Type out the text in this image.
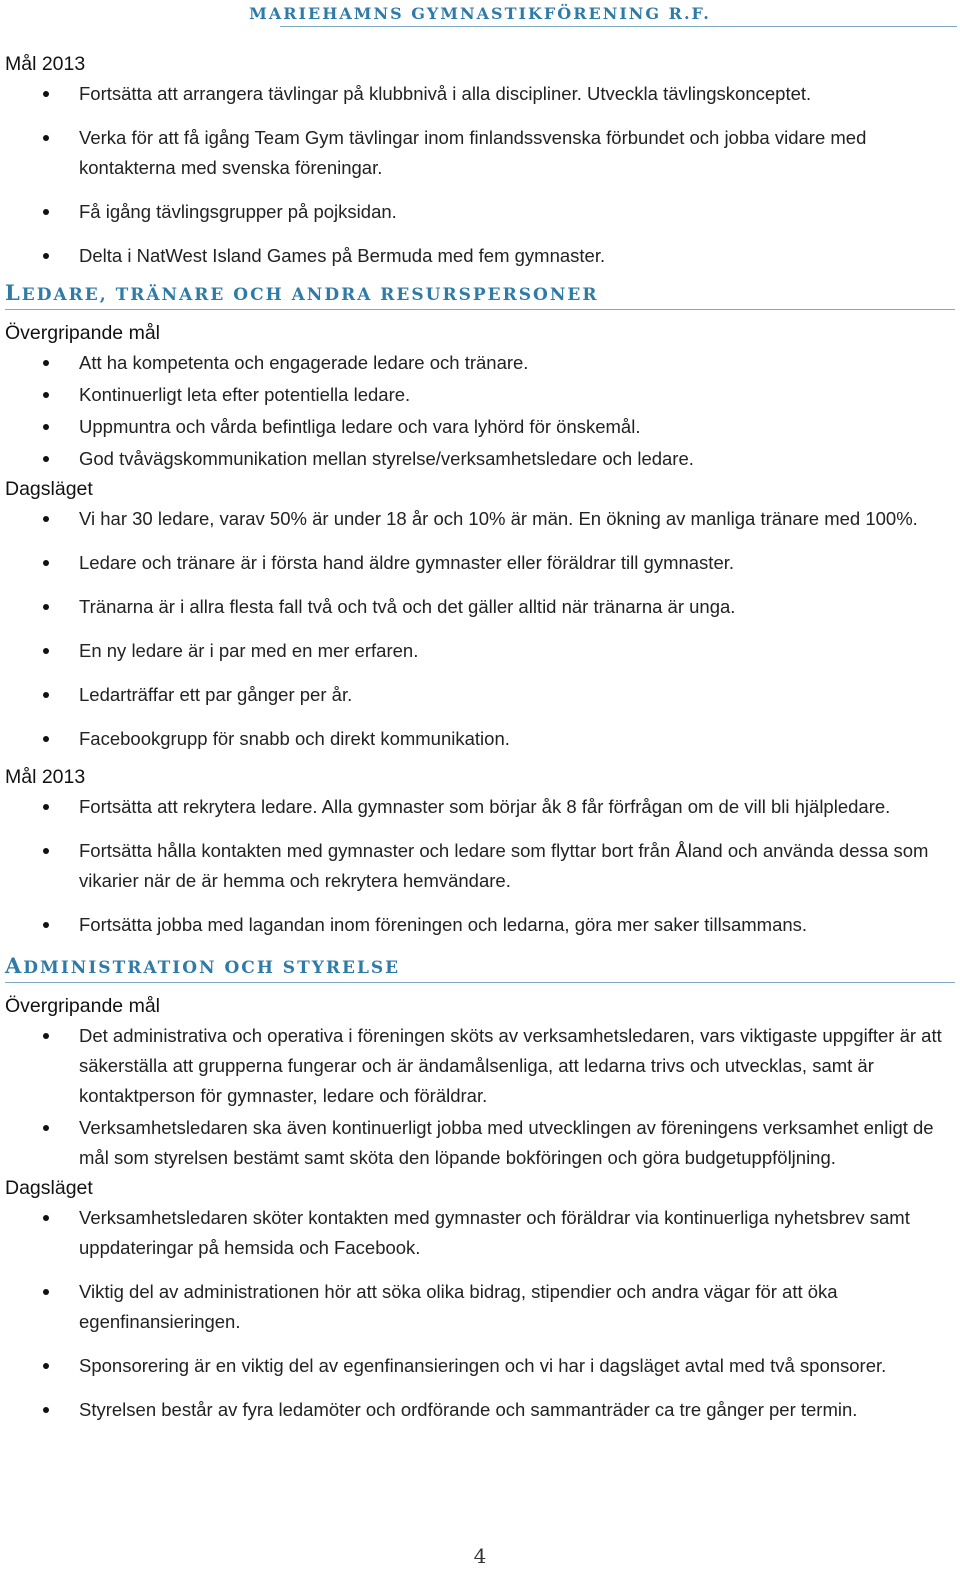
MARIEHAMNS GYMNASTIKFÖRENING R.F.
Mål 2013
Fortsätta att arrangera tävlingar på klubbnivå i alla discipliner. Utveckla tävlingskonceptet.
Verka för att få igång Team Gym tävlingar inom finlandssvenska förbundet och jobba vidare med kontakterna med svenska föreningar.
Få igång tävlingsgrupper på pojksidan.
Delta i NatWest Island Games på Bermuda med fem gymnaster.
LEDARE, TRÄNARE OCH ANDRA RESURSPERSONER
Övergripande mål
Att ha kompetenta och engagerade ledare och tränare.
Kontinuerligt leta efter potentiella ledare.
Uppmuntra och vårda befintliga ledare och vara lyhörd för önskemål.
God tvåvägskommunikation mellan styrelse/verksamhetsledare och ledare.
Dagsläget
Vi har 30 ledare, varav 50% är under 18 år och 10% är män. En ökning av manliga tränare med 100%.
Ledare och tränare är i första hand äldre gymnaster eller föräldrar till gymnaster.
Tränarna är i allra flesta fall två och två och det gäller alltid när tränarna är unga.
En ny ledare är i par med en mer erfaren.
Ledarträffar ett par gånger per år.
Facebookgrupp för snabb och direkt kommunikation.
Mål 2013
Fortsätta att rekrytera ledare. Alla gymnaster som börjar åk 8 får förfrågan om de vill bli hjälpledare.
Fortsätta hålla kontakten med gymnaster och ledare som flyttar bort från Åland och använda dessa som vikarier när de är hemma och rekrytera hemvändare.
Fortsätta jobba med lagandan inom föreningen och ledarna, göra mer saker tillsammans.
ADMINISTRATION OCH STYRELSE
Övergripande mål
Det administrativa och operativa i föreningen sköts av verksamhetsledaren, vars viktigaste uppgifter är att säkerställa att grupperna fungerar och är ändamålsenliga, att ledarna trivs och utvecklas, samt är kontaktperson för gymnaster, ledare och föräldrar.
Verksamhetsledaren ska även kontinuerligt jobba med utvecklingen av föreningens verksamhet enligt de mål som styrelsen bestämt samt sköta den löpande bokföringen och göra budgetuppföljning.
Dagsläget
Verksamhetsledaren sköter kontakten med gymnaster och föräldrar via kontinuerliga nyhetsbrev samt uppdateringar på hemsida och Facebook.
Viktig del av administrationen hör att söka olika bidrag, stipendier och andra vägar för att öka egenfinansieringen.
Sponsorering är en viktig del av egenfinansieringen och vi har i dagsläget avtal med två sponsorer.
Styrelsen består av fyra ledamöter och ordförande och sammanträder ca tre gånger per termin.
4
